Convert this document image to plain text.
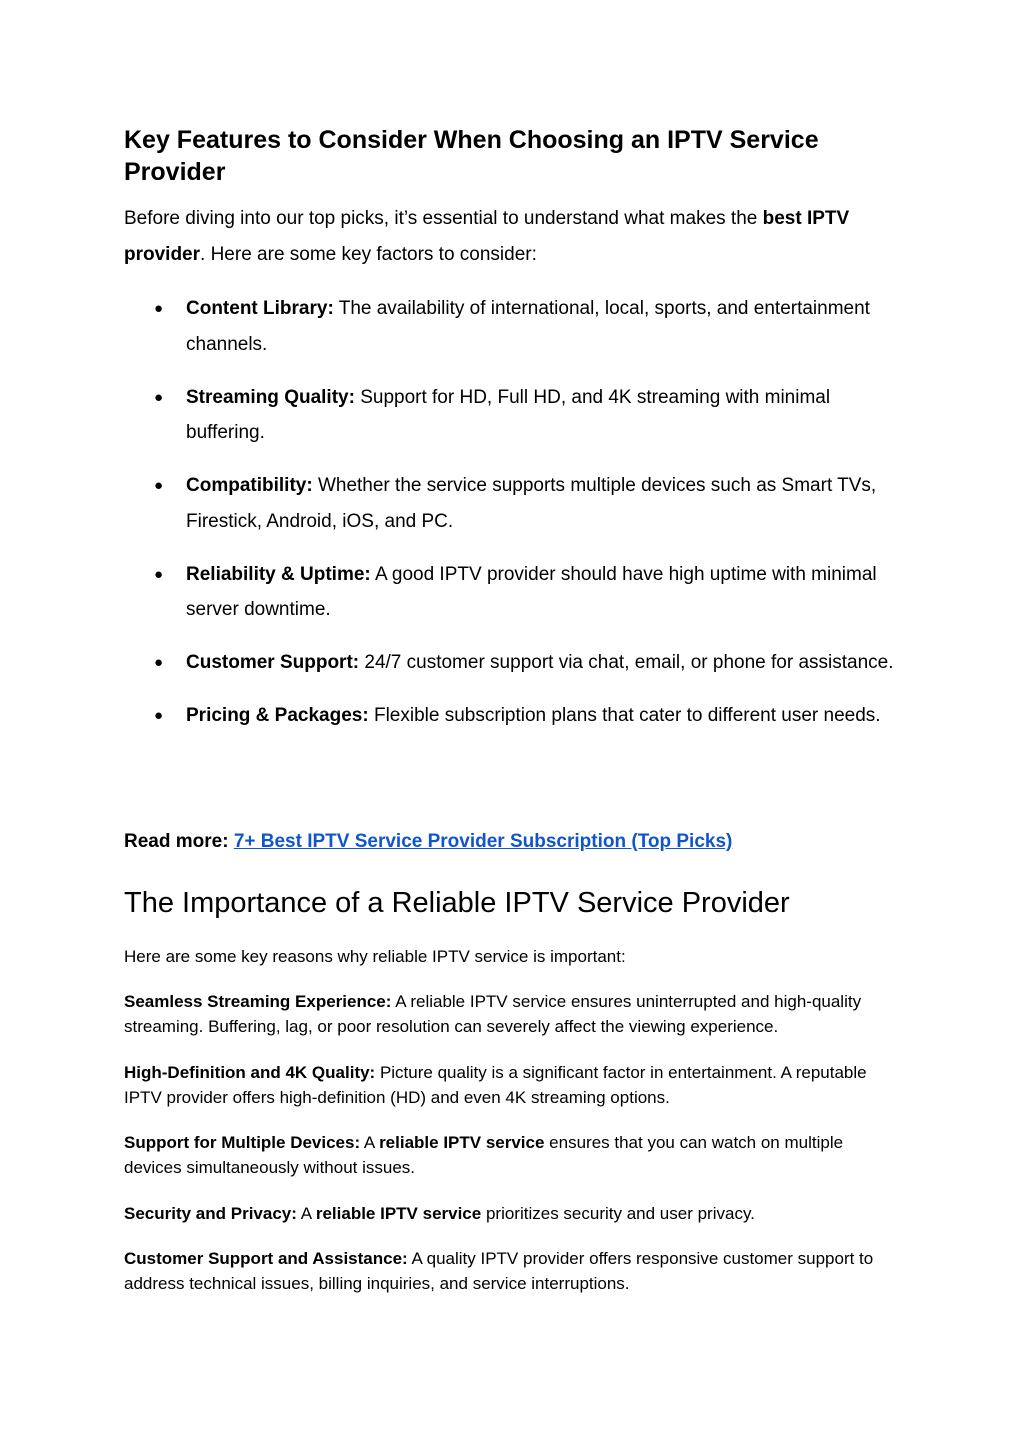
Key Features to Consider When Choosing an IPTV Service Provider

Before diving into our top picks, it’s essential to understand what makes the best IPTV provider. Here are some key factors to consider:

● Content Library: The availability of international, local, sports, and entertainment channels.
● Streaming Quality: Support for HD, Full HD, and 4K streaming with minimal buffering.
● Compatibility: Whether the service supports multiple devices such as Smart TVs, Firestick, Android, iOS, and PC.
● Reliability & Uptime: A good IPTV provider should have high uptime with minimal server downtime.
● Customer Support: 24/7 customer support via chat, email, or phone for assistance.
● Pricing & Packages: Flexible subscription plans that cater to different user needs.

Read more: 7+ Best IPTV Service Provider Subscription (Top Picks)

The Importance of a Reliable IPTV Service Provider

Here are some key reasons why reliable IPTV service is important:

Seamless Streaming Experience: A reliable IPTV service ensures uninterrupted and high-quality streaming. Buffering, lag, or poor resolution can severely affect the viewing experience.

High-Definition and 4K Quality: Picture quality is a significant factor in entertainment. A reputable IPTV provider offers high-definition (HD) and even 4K streaming options.

Support for Multiple Devices: A reliable IPTV service ensures that you can watch on multiple devices simultaneously without issues.

Security and Privacy: A reliable IPTV service prioritizes security and user privacy.

Customer Support and Assistance: A quality IPTV provider offers responsive customer support to address technical issues, billing inquiries, and service interruptions.
